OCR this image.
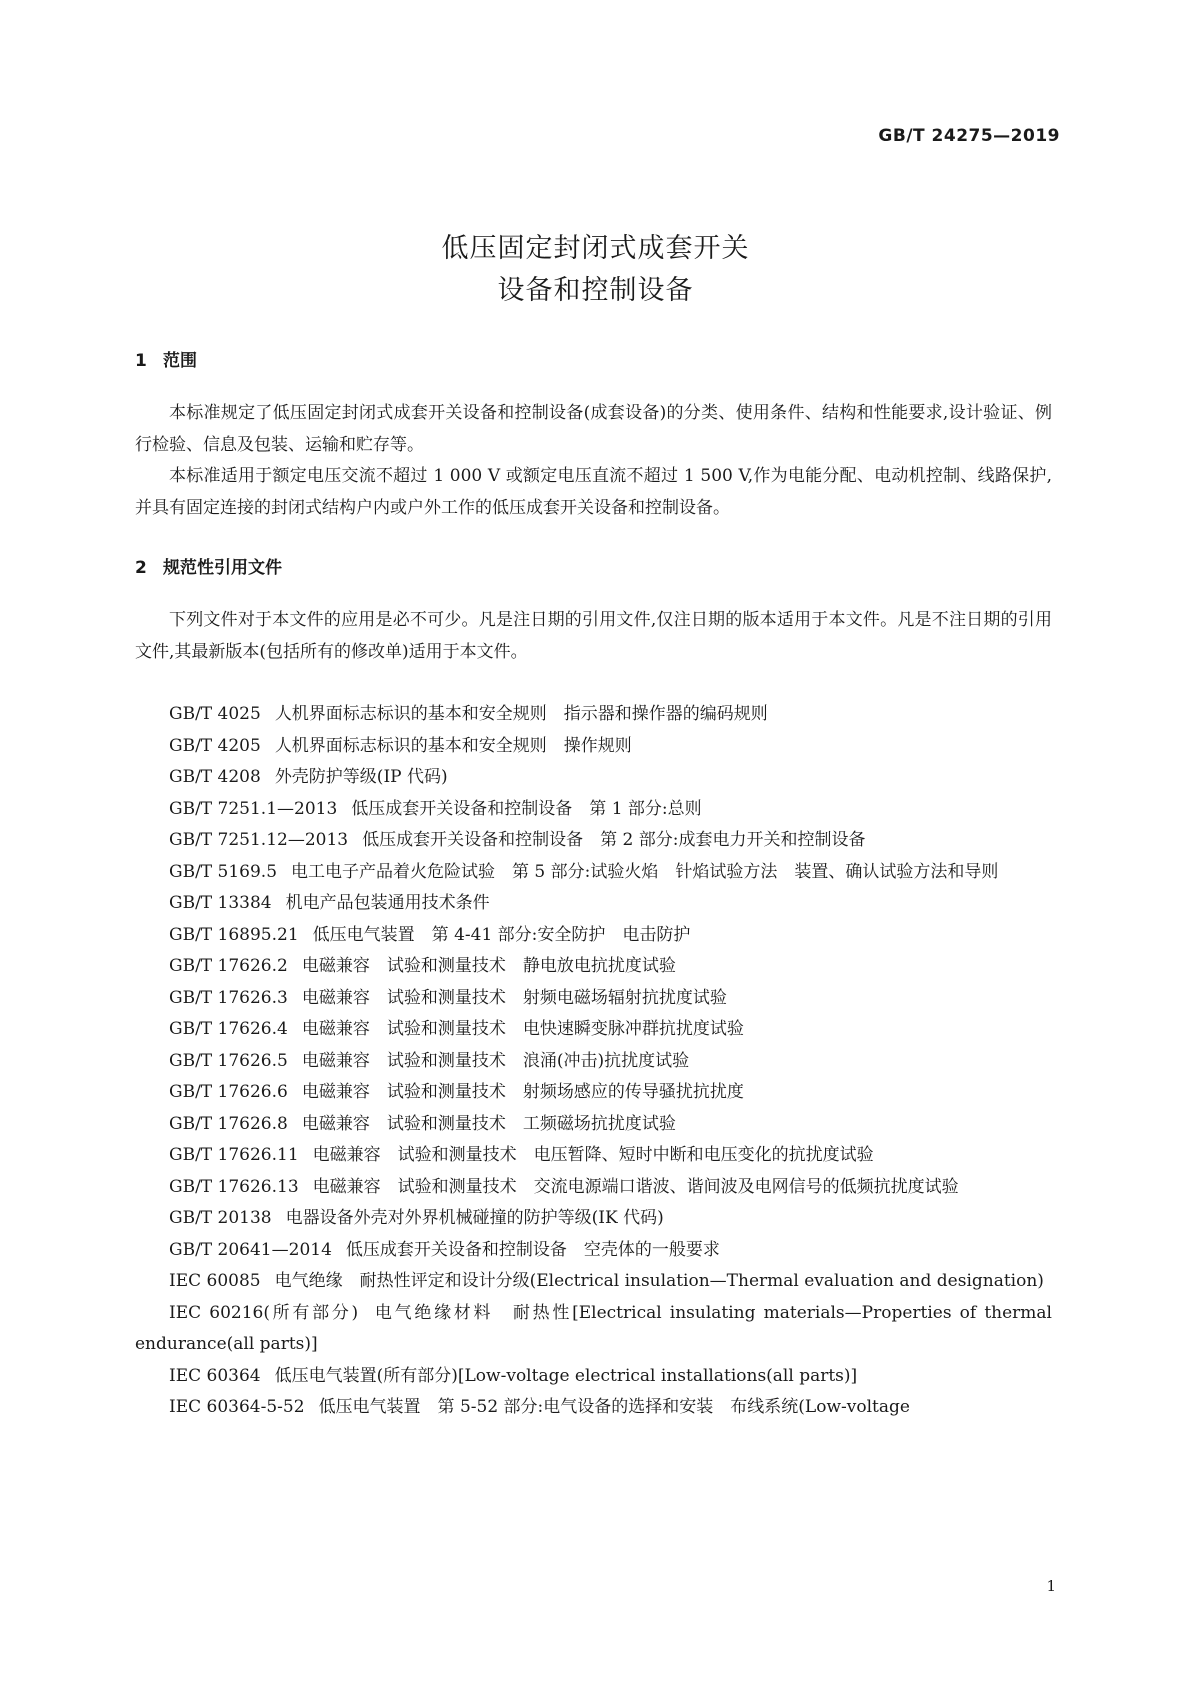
GB/T 24275—2019
低压固定封闭式成套开关
设备和控制设备
1 范围

本标准规定了低压固定封闭式成套开关设备和控制设备(成套设备)的分类、使用条件、结构和性能要求,设计验证、例行检验、信息及包装、运输和贮存等。

本标准适用于额定电压交流不超过 1 000 V 或额定电压直流不超过 1 500 V,作为电能分配、电动机控制、线路保护,并具有固定连接的封闭式结构户内或户外工作的低压成套开关设备和控制设备。

2 规范性引用文件

下列文件对于本文件的应用是必不可少。凡是注日期的引用文件,仅注日期的版本适用于本文件。凡是不注日期的引用文件,其最新版本(包括所有的修改单)适用于本文件。

GB/T 4025 人机界面标志标识的基本和安全规则　指示器和操作器的编码规则

GB/T 4205 人机界面标志标识的基本和安全规则　操作规则

GB/T 4208 外壳防护等级(IP 代码)

GB/T 7251.1—2013 低压成套开关设备和控制设备　第 1 部分:总则

GB/T 7251.12—2013 低压成套开关设备和控制设备　第 2 部分:成套电力开关和控制设备

GB/T 5169.5 电工电子产品着火危险试验　第 5 部分:试验火焰　针焰试验方法　装置、确认试验方法和导则

GB/T 13384 机电产品包装通用技术条件

GB/T 16895.21 低压电气装置　第 4-41 部分:安全防护　电击防护

GB/T 17626.2 电磁兼容　试验和测量技术　静电放电抗扰度试验

GB/T 17626.3 电磁兼容　试验和测量技术　射频电磁场辐射抗扰度试验

GB/T 17626.4 电磁兼容　试验和测量技术　电快速瞬变脉冲群抗扰度试验

GB/T 17626.5 电磁兼容　试验和测量技术　浪涌(冲击)抗扰度试验

GB/T 17626.6 电磁兼容　试验和测量技术　射频场感应的传导骚扰抗扰度

GB/T 17626.8 电磁兼容　试验和测量技术　工频磁场抗扰度试验

GB/T 17626.11 电磁兼容　试验和测量技术　电压暂降、短时中断和电压变化的抗扰度试验

GB/T 17626.13 电磁兼容　试验和测量技术　交流电源端口谐波、谐间波及电网信号的低频抗扰度试验

GB/T 20138 电器设备外壳对外界机械碰撞的防护等级(IK 代码)

GB/T 20641—2014 低压成套开关设备和控制设备　空壳体的一般要求

IEC 60085 电气绝缘　耐热性评定和设计分级(Electrical insulation—Thermal evaluation and designation)

IEC 60216(所有部分) 电气绝缘材料　耐热性[Electrical insulating materials—Properties of thermal endurance(all parts)]

IEC 60364 低压电气装置(所有部分)[Low-voltage electrical installations(all parts)]

IEC 60364-5-52 低压电气装置　第 5-52 部分:电气设备的选择和安装　布线系统(Low-voltage

1
